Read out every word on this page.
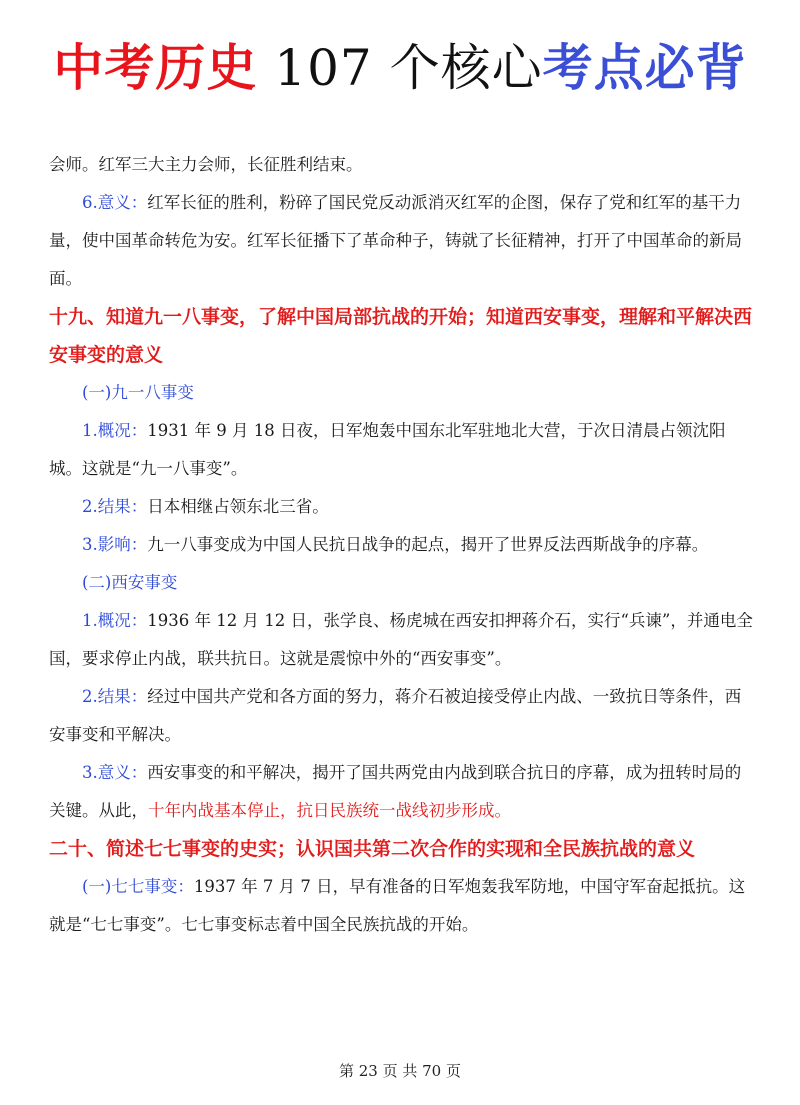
中考历史 107 个核心考点必背

会师。红军三大主力会师，长征胜利结束。

6.意义：红军长征的胜利，粉碎了国民党反动派消灭红军的企图，保存了党和红军的基干力量，使中国革命转危为安。红军长征播下了革命种子，铸就了长征精神，打开了中国革命的新局面。

十九、知道九一八事变，了解中国局部抗战的开始；知道西安事变，理解和平解决西安事变的意义

(一)九一八事变

1.概况：1931 年 9 月 18 日夜，日军炮轰中国东北军驻地北大营，于次日清晨占领沈阳城。这就是“九一八事变”。

2.结果：日本相继占领东北三省。

3.影响：九一八事变成为中国人民抗日战争的起点，揭开了世界反法西斯战争的序幕。

(二)西安事变

1.概况：1936 年 12 月 12 日，张学良、杨虎城在西安扣押蒋介石，实行“兵谏”，并通电全国，要求停止内战，联共抗日。这就是震惊中外的“西安事变”。

2.结果：经过中国共产党和各方面的努力，蒋介石被迫接受停止内战、一致抗日等条件，西安事变和平解决。

3.意义：西安事变的和平解决，揭开了国共两党由内战到联合抗日的序幕，成为扭转时局的关键。从此，十年内战基本停止，抗日民族统一战线初步形成。

二十、简述七七事变的史实；认识国共第二次合作的实现和全民族抗战的意义

(一)七七事变：1937 年 7 月 7 日，早有准备的日军炮轰我军防地，中国守军奋起抵抗。这就是“七七事变”。七七事变标志着中国全民族抗战的开始。

第 23 页 共 70 页
